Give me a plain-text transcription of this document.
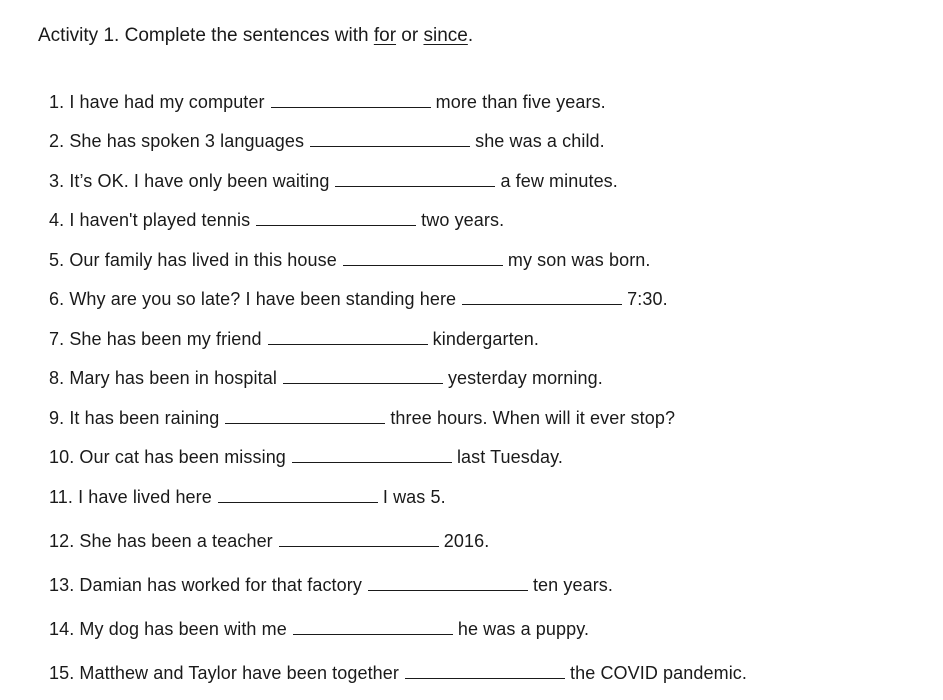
Activity 1. Complete the sentences with for or since.
1. I have had my computer	more than five years.
2. She has spoken 3 languages	she was a child.
3. It’s OK. I have only been waiting	a few minutes.
4. I haven't played tennis	two years.
5. Our family has lived in this house	my son was born.
6. Why are you so late? I have been standing here	7:30.
7. She has been my friend	kindergarten.
8. Mary has been in hospital	yesterday morning.
9. It has been raining	three hours. When will it ever stop?
10. Our cat has been missing	last Tuesday.
11. I have lived here	I was 5.
12. She has been a teacher	2016.
13. Damian has worked for that factory	ten years.
14. My dog has been with me	he was a puppy.
15. Matthew and Taylor have been together	the COVID pandemic.
